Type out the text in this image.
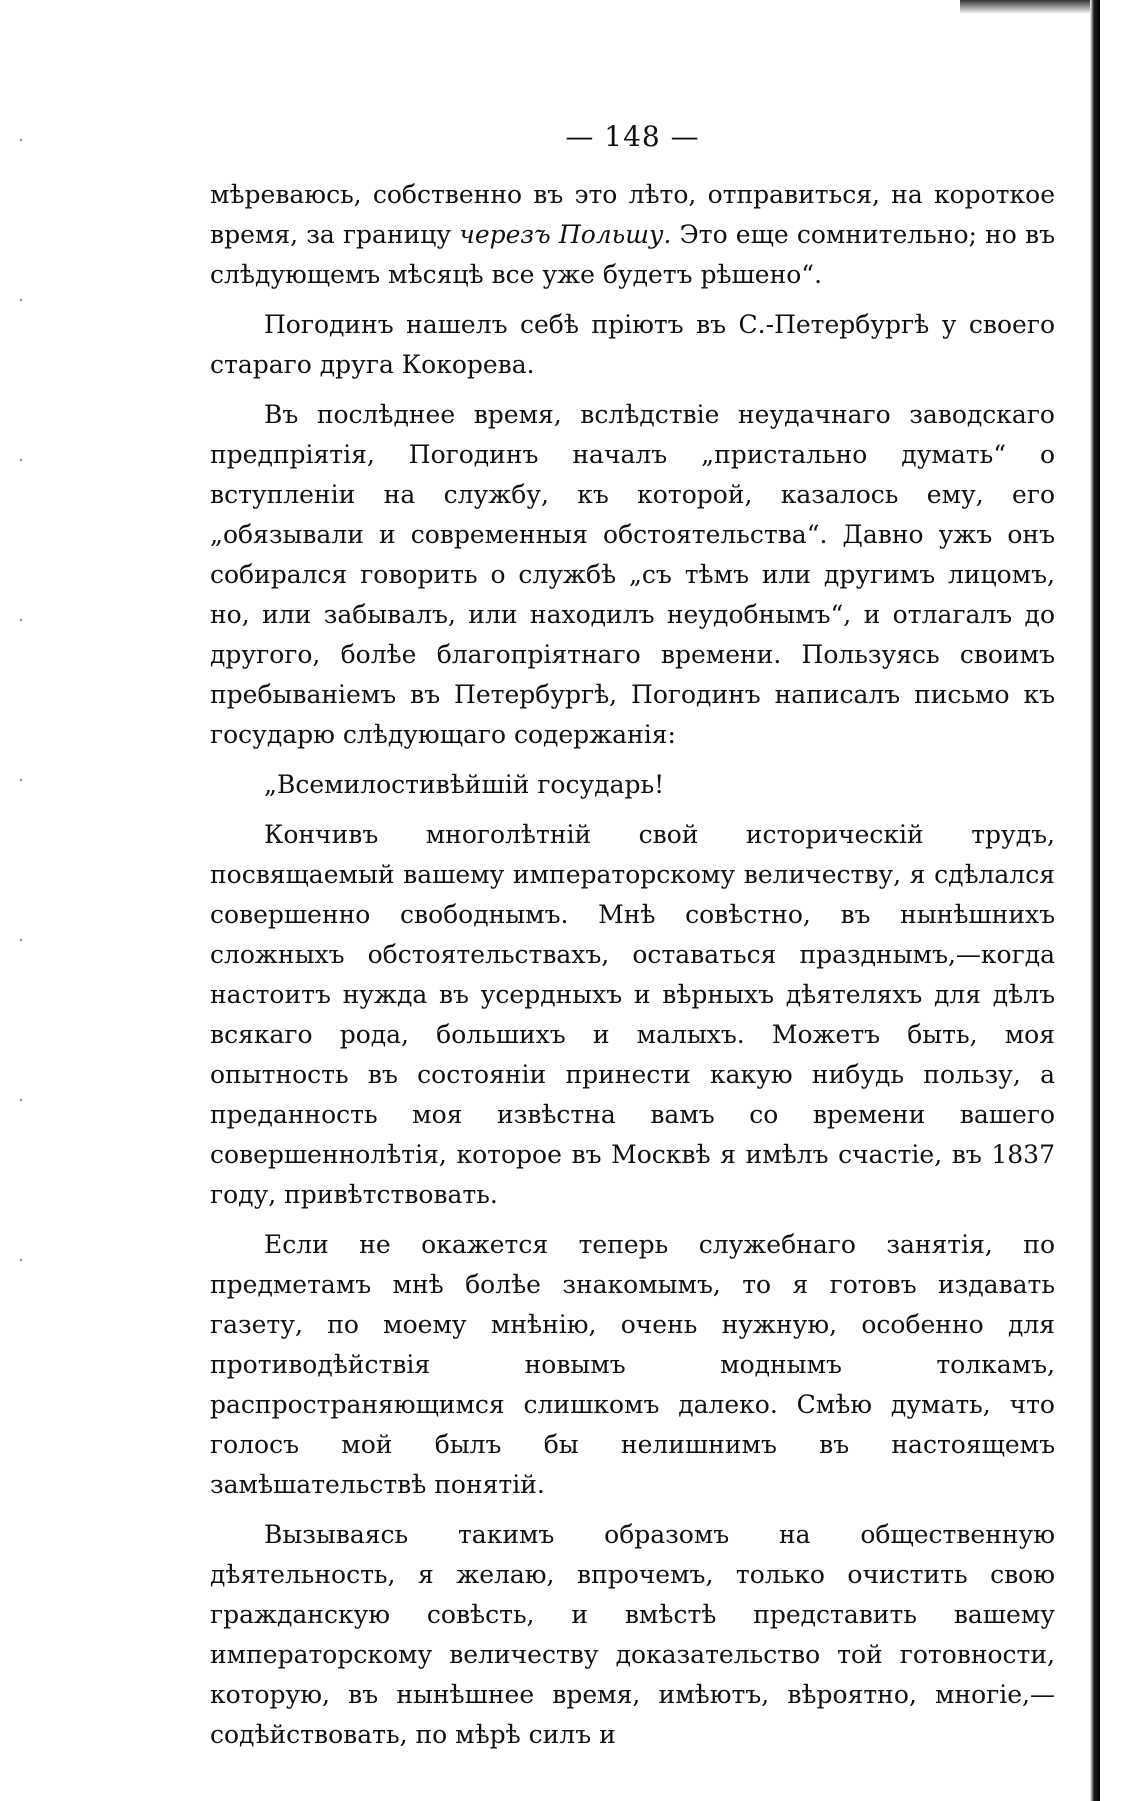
— 148 —

мѣреваюсь, собственно въ это лѣто, отправиться, на короткое время, за границу черезъ Польшу. Это еще сомнительно; но въ слѣдующемъ мѣсяцѣ все уже будетъ рѣшено“.

Погодинъ нашелъ себѣ пріютъ въ С.-Петербургѣ у своего стараго друга Кокорева.

Въ послѣднее время, вслѣдствіе неудачнаго заводскаго предпріятія, Погодинъ началъ „пристально думать“ о вступленіи на службу, къ которой, казалось ему, его „обязывали и современныя обстоятельства“. Давно ужъ онъ собирался говорить о службѣ „съ тѣмъ или другимъ лицомъ, но, или забывалъ, или находилъ неудобнымъ“, и отлагалъ до другого, болѣе благопріятнаго времени. Пользуясь своимъ пребываніемъ въ Петербургѣ, Погодинъ написалъ письмо къ государю слѣдующаго содержанія:

„Всемилостивѣйшій государь!

Кончивъ многолѣтній свой историческій трудъ, посвящаемый вашему императорскому величеству, я сдѣлался совершенно свободнымъ. Мнѣ совѣстно, въ нынѣшнихъ сложныхъ обстоятельствахъ, оставаться празднымъ,—когда настоитъ нужда въ усердныхъ и вѣрныхъ дѣятеляхъ для дѣлъ всякаго рода, большихъ и малыхъ. Можетъ быть, моя опытность въ состояніи принести какую нибудь пользу, а преданность моя извѣстна вамъ со времени вашего совершеннолѣтія, которое въ Москвѣ я имѣлъ счастіе, въ 1837 году, привѣтствовать.

Если не окажется теперь служебнаго занятія, по предметамъ мнѣ болѣе знакомымъ, то я готовъ издавать газету, по моему мнѣнію, очень нужную, особенно для противодѣйствія новымъ моднымъ толкамъ, распространяющимся слишкомъ далеко. Смѣю думать, что голосъ мой былъ бы нелишнимъ въ настоящемъ замѣшательствѣ понятій.

Вызываясь такимъ образомъ на общественную дѣятельность, я желаю, впрочемъ, только очистить свою гражданскую совѣсть, и вмѣстѣ представить вашему императорскому величеству доказательство той готовности, которую, въ нынѣшнее время, имѣютъ, вѣроятно, многіе,—содѣйствовать, по мѣрѣ силъ и
